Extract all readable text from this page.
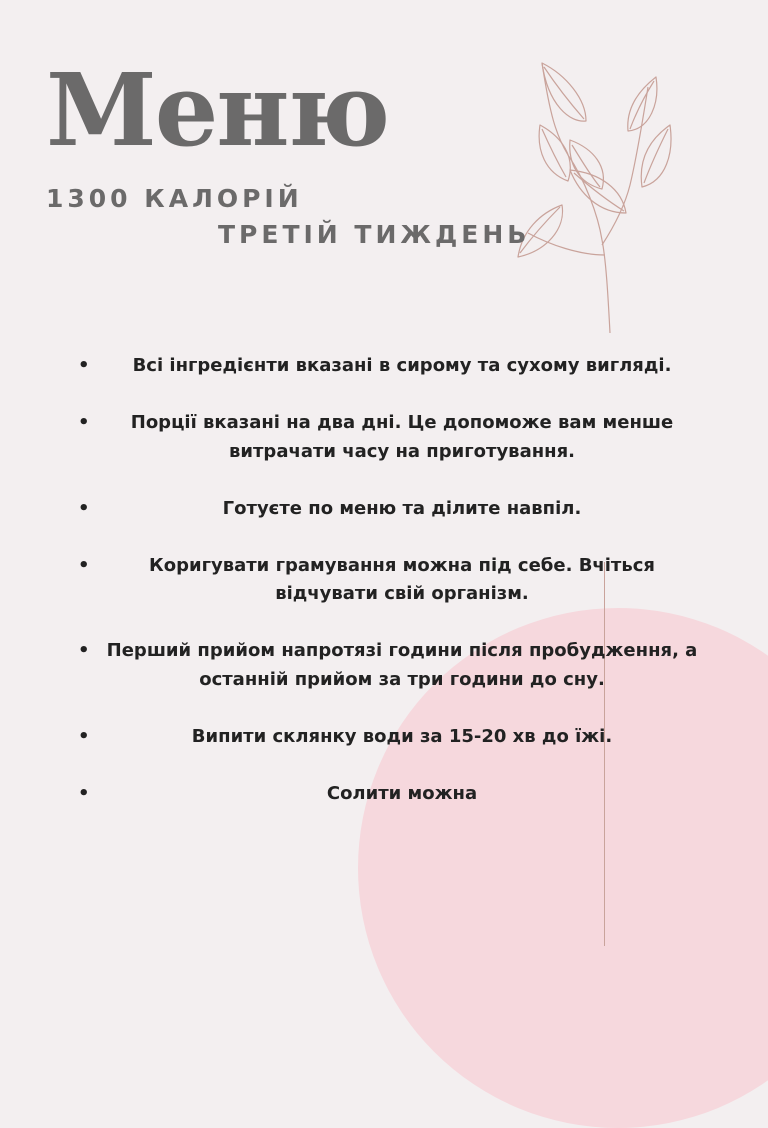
Меню
1300 КАЛОРІЙ
ТРЕТІЙ ТИЖДЕНЬ
• Всі інгредієнти вказані в сирому та сухому вигляді.
• Порції вказані на два дні. Це допоможе вам менше витрачати часу на приготування.
•	Готуєте по меню та ділите навпіл.
•	Коригувати грамування можна під себе. Вчіться відчувати свій організм.
• Перший прийом напротязі години після пробудження, а останній прийом за три години до сну.
•	Випити склянку води за 15-20 хв до їжі.
•	Солити можна
